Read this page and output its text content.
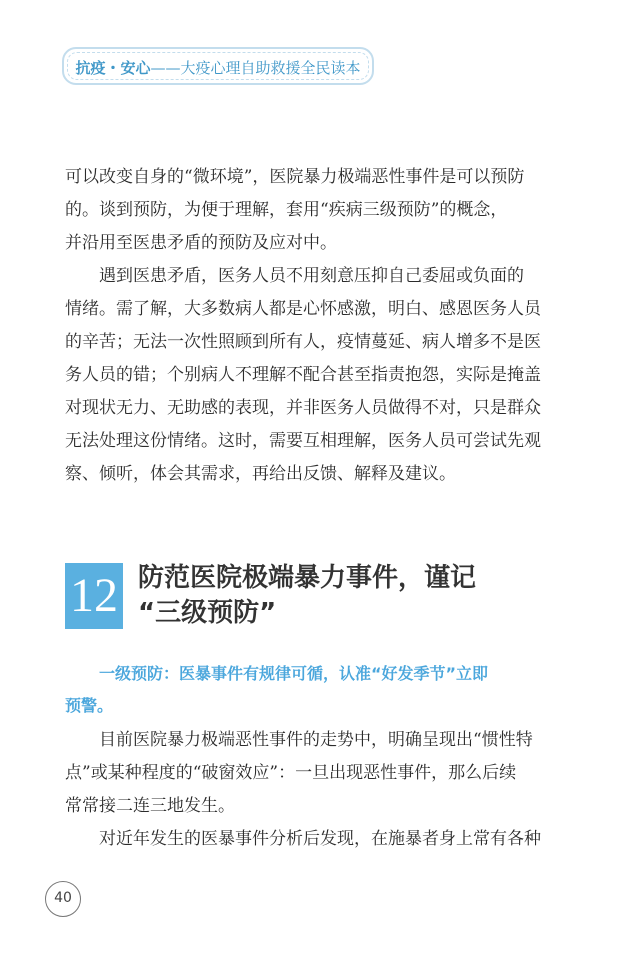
抗疫・安心——大疫心理自助救援全民读本
可以改变自身的“微环境”，医院暴力极端恶性事件是可以预防
的。谈到预防，为便于理解，套用“疾病三级预防”的概念，
并沿用至医患矛盾的预防及应对中。
遇到医患矛盾，医务人员不用刻意压抑自己委屈或负面的
情绪。需了解，大多数病人都是心怀感激，明白、感恩医务人员
的辛苦；无法一次性照顾到所有人，疫情蔓延、病人增多不是医
务人员的错；个别病人不理解不配合甚至指责抱怨，实际是掩盖
对现状无力、无助感的表现，并非医务人员做得不对，只是群众
无法处理这份情绪。这时，需要互相理解，医务人员可尝试先观
察、倾听，体会其需求，再给出反馈、解释及建议。
12 防范医院极端暴力事件，谨记
“三级预防”
一级预防：医暴事件有规律可循，认准“好发季节”立即
预警。
目前医院暴力极端恶性事件的走势中，明确呈现出“惯性特
点”或某种程度的“破窗效应”：一旦出现恶性事件，那么后续
常常接二连三地发生。
对近年发生的医暴事件分析后发现，在施暴者身上常有各种
40
